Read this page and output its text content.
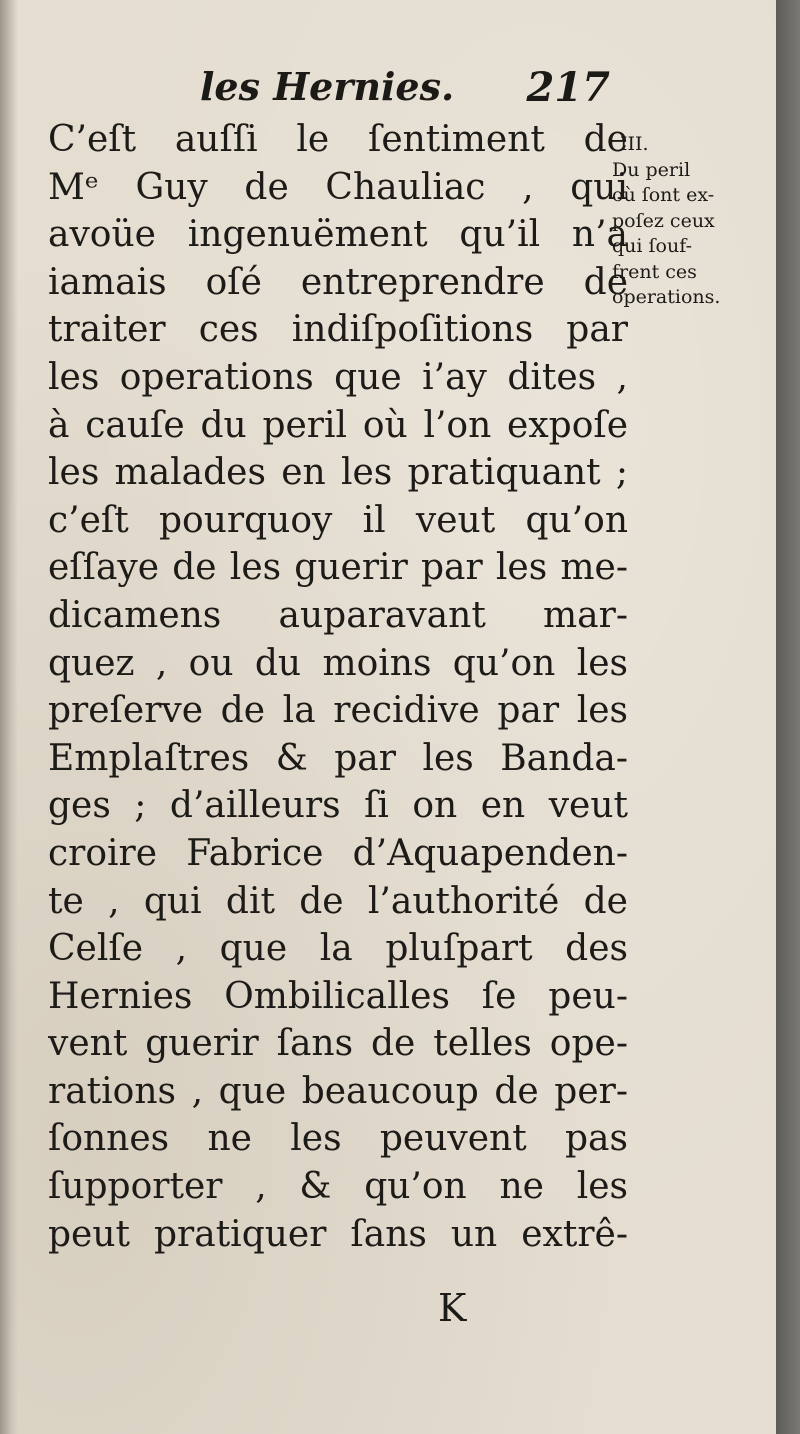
les Hernies. 217
C’eſt auſſi le ſentiment de
Mᵉ Guy de Chauliac , qui
avoüe ingenuëment qu’il n’a
iamais oſé entreprendre de
traiter ces indiſpoſitions par
les operations que i’ay dites ,
à cauſe du peril où l’on expoſe
les malades en les pratiquant ;
c’eſt pourquoy il veut qu’on
eſſaye de les guerir par les me-
dicamens auparavant mar-
quez , ou du moins qu’on les
preſerve de la recidive par les
Emplaſtres & par les Banda-
ges ; d’ailleurs ſi on en veut
croire Fabrice d’Aquapenden-
te , qui dit de l’authorité de
Celſe , que la pluſpart des
Hernies Ombilicalles ſe peu-
vent guerir ſans de telles ope-
rations , que beaucoup de per-
ſonnes ne les peuvent pas
ſupporter , & qu’on ne les
peut pratiquer ſans un extrê-
III.
Du peril
où ſont ex-
poſez ceux
qui ſouf-
frent ces
operations.
K
